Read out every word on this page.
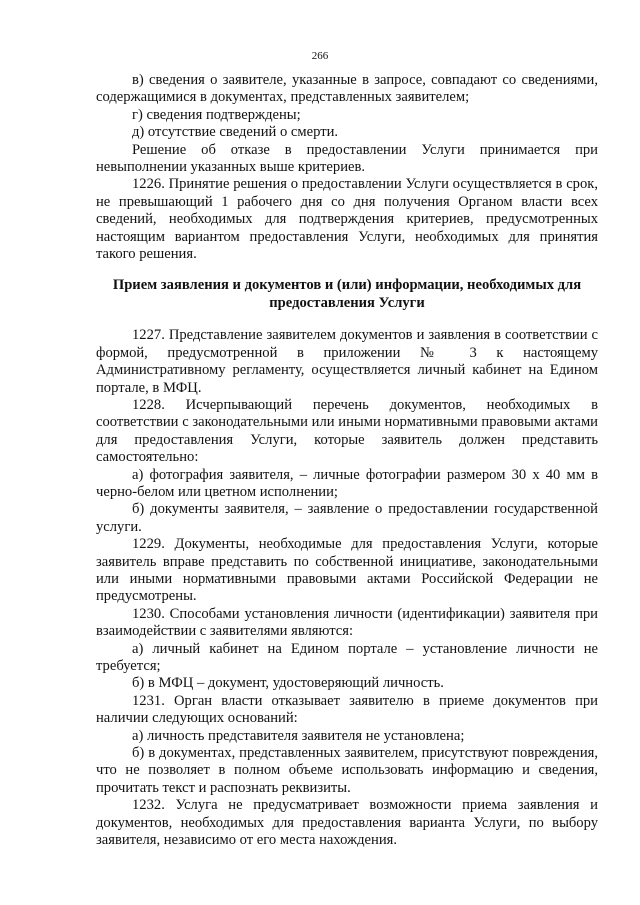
266

в) сведения о заявителе, указанные в запросе, совпадают со сведениями, содержащимися в документах, представленных заявителем;

г) сведения подтверждены;

д) отсутствие сведений о смерти.

Решение об отказе в предоставлении Услуги принимается при невыполнении указанных выше критериев.

1226. Принятие решения о предоставлении Услуги осуществляется в срок, не превышающий 1 рабочего дня со дня получения Органом власти всех сведений, необходимых для подтверждения критериев, предусмотренных настоящим вариантом предоставления Услуги, необходимых для принятия такого решения.

Прием заявления и документов и (или) информации, необходимых для предоставления Услуги

1227. Представление заявителем документов и заявления в соответствии с формой, предусмотренной в приложении № 3 к настоящему Административному регламенту, осуществляется личный кабинет на Едином портале, в МФЦ.

1228. Исчерпывающий перечень документов, необходимых в соответствии с законодательными или иными нормативными правовыми актами для предоставления Услуги, которые заявитель должен представить самостоятельно:

а) фотография заявителя, – личные фотографии размером 30 х 40 мм в черно-белом или цветном исполнении;

б) документы заявителя, – заявление о предоставлении государственной услуги.

1229. Документы, необходимые для предоставления Услуги, которые заявитель вправе представить по собственной инициативе, законодательными или иными нормативными правовыми актами Российской Федерации не предусмотрены.

1230. Способами установления личности (идентификации) заявителя при взаимодействии с заявителями являются:

а) личный кабинет на Едином портале – установление личности не требуется;

б) в МФЦ – документ, удостоверяющий личность.

1231. Орган власти отказывает заявителю в приеме документов при наличии следующих оснований:

а) личность представителя заявителя не установлена;

б) в документах, представленных заявителем, присутствуют повреждения, что не позволяет в полном объеме использовать информацию и сведения, прочитать текст и распознать реквизиты.

1232. Услуга не предусматривает возможности приема заявления и документов, необходимых для предоставления варианта Услуги, по выбору заявителя, независимо от его места нахождения.
